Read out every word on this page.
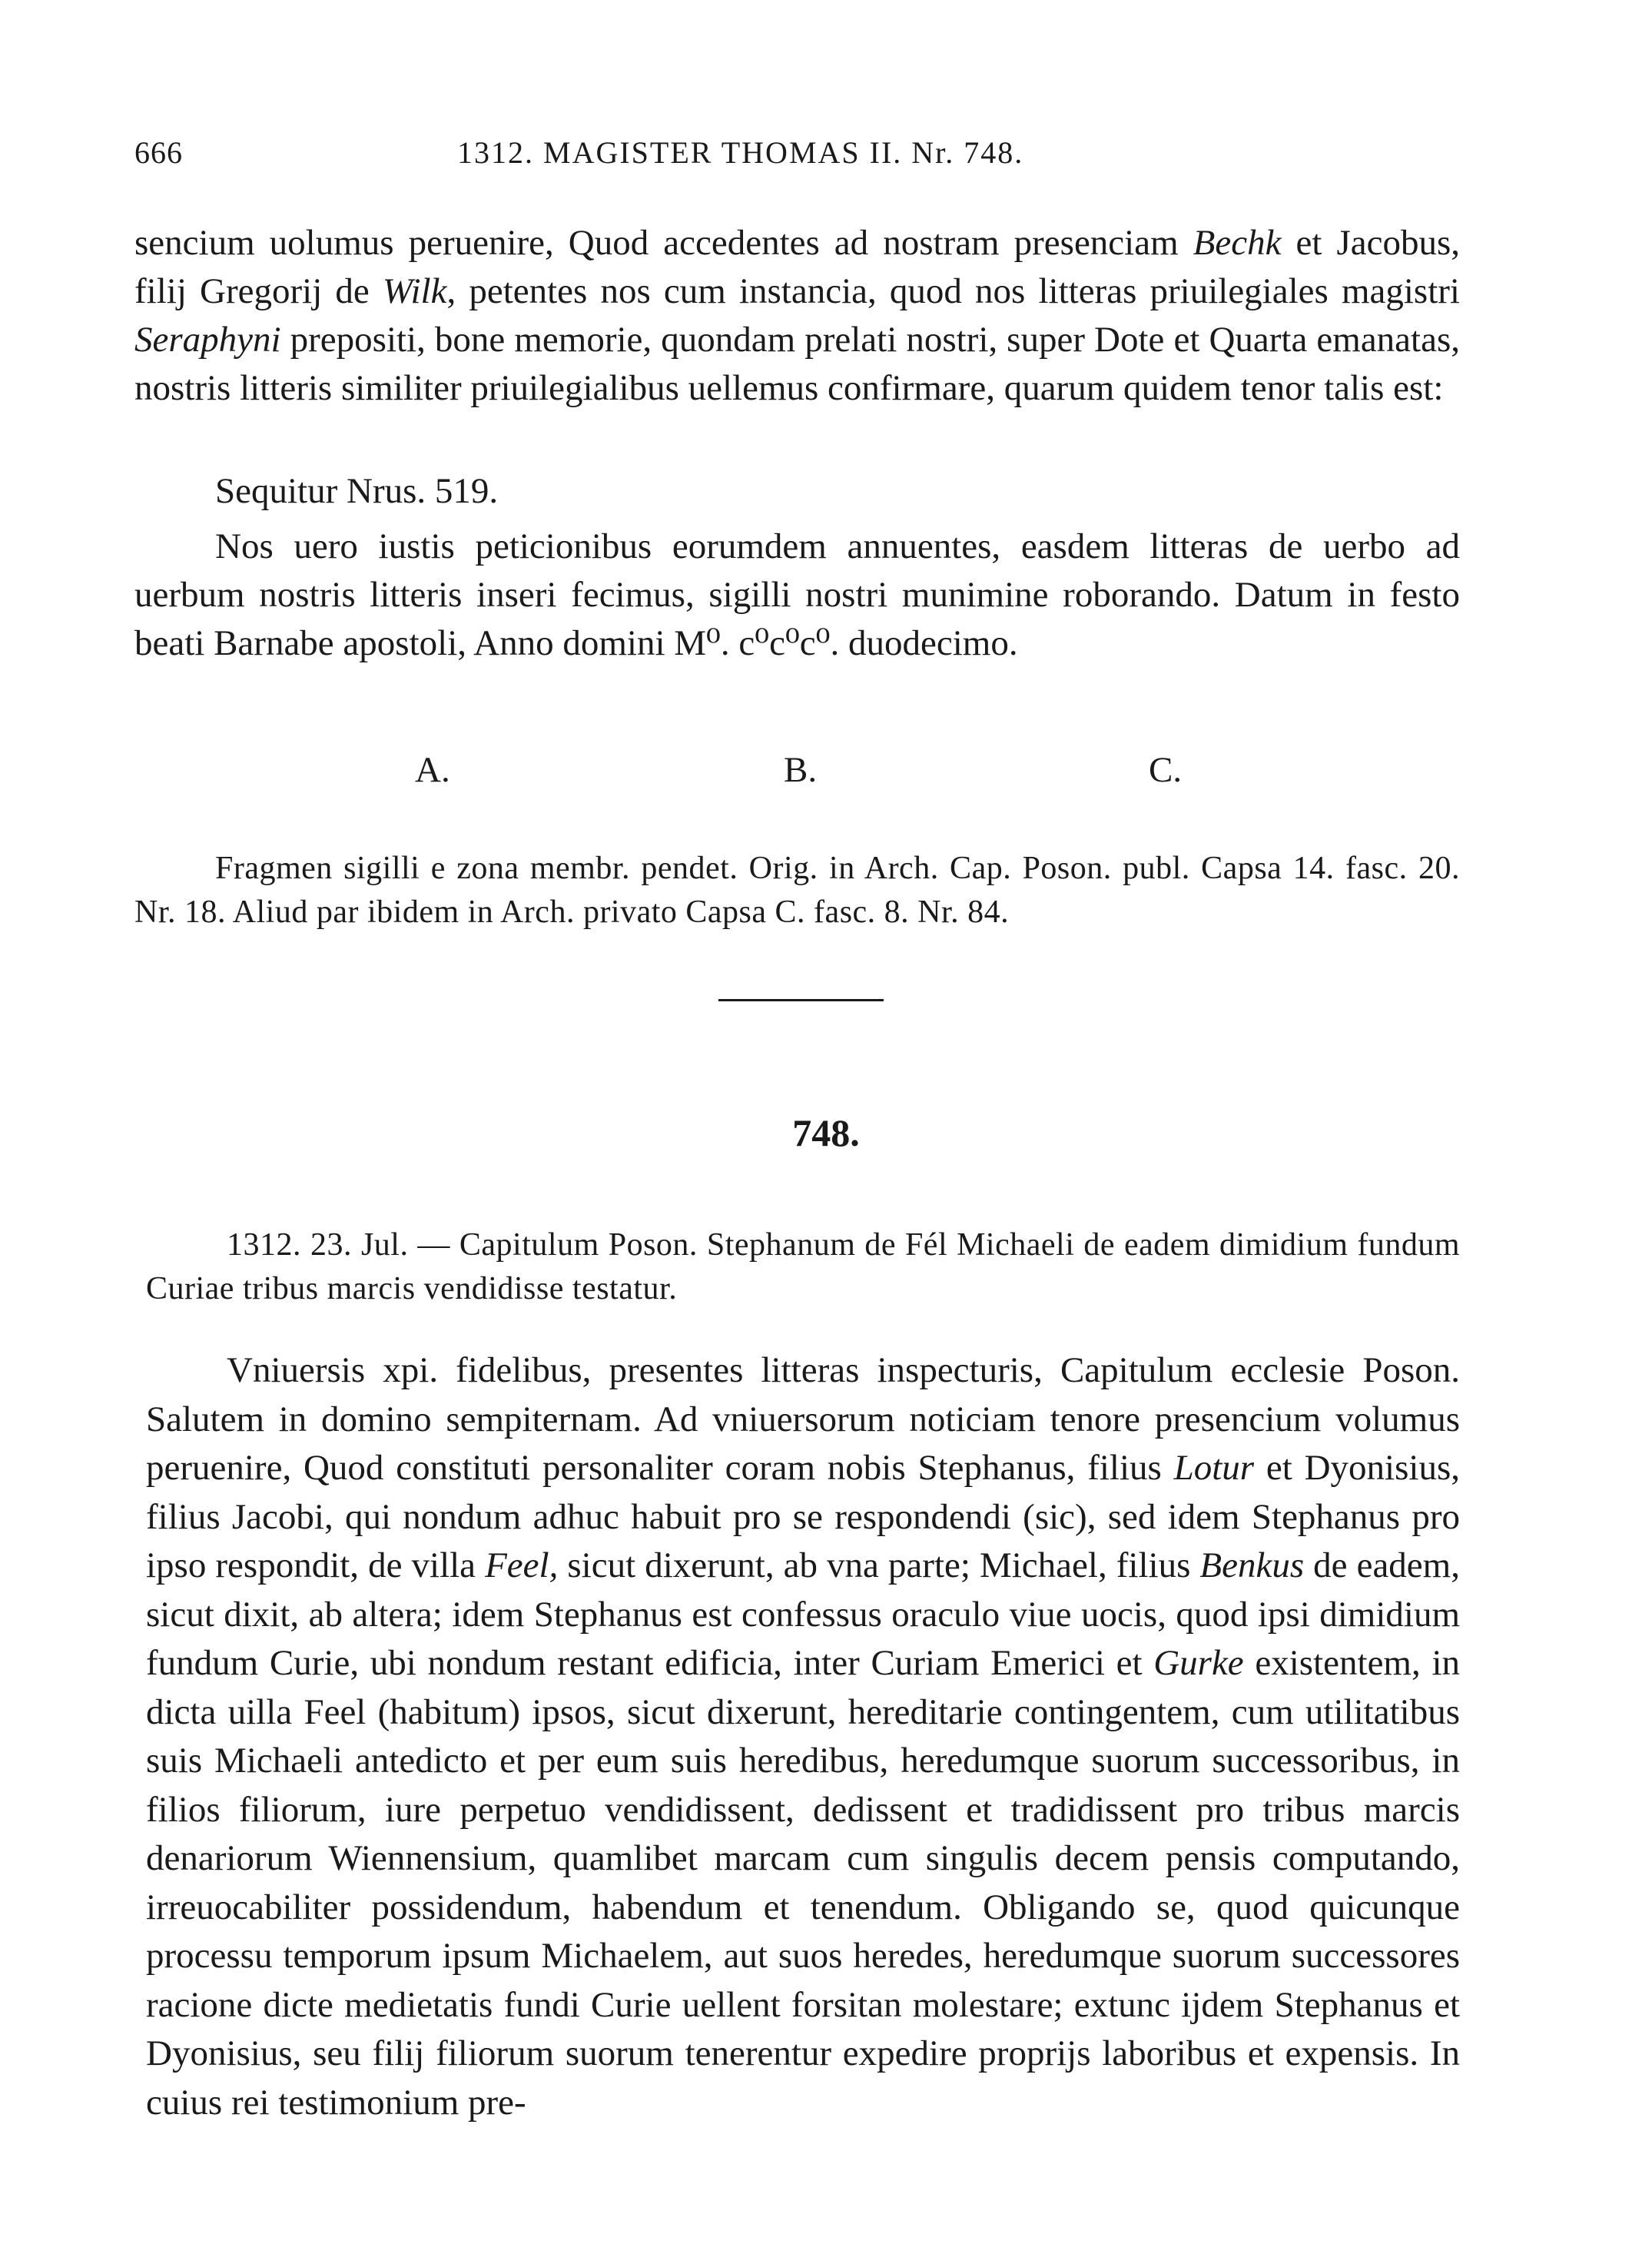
666	1312. MAGISTER THOMAS II. Nr. 748.

sencium uolumus peruenire, Quod accedentes ad nostram presenciam Bechk et Jacobus, filij Gregorij de Wilk, petentes nos cum instancia, quod nos litteras priuilegiales magistri Seraphyni prepositi, bone memorie, quondam prelati nostri, super Dote et Quarta emanatas, nostris litteris similiter priuilegialibus uellemus confirmare, quarum quidem tenor talis est:

Sequitur Nrus. 519.

Nos uero iustis peticionibus eorumdem annuentes, easdem litteras de uerbo ad uerbum nostris litteris inseri fecimus, sigilli nostri munimine roborando. Datum in festo beati Barnabe apostoli, Anno domini M⁰. c⁰c⁰c⁰. duodecimo.

A.	B.	C.

Fragmen sigilli e zona membr. pendet. Orig. in Arch. Cap. Poson. publ. Capsa 14. fasc. 20. Nr. 18. Aliud par ibidem in Arch. privato Capsa C. fasc. 8. Nr. 84.

748.

1312. 23. Jul. — Capitulum Poson. Stephanum de Fél Michaeli de eadem dimidium fundum Curiae tribus marcis vendidisse testatur.

Vniuersis xpi. fidelibus, presentes litteras inspecturis, Capitulum ecclesie Poson. Salutem in domino sempiternam. Ad vniuersorum noticiam tenore presencium volumus peruenire, Quod constituti personaliter coram nobis Stephanus, filius Lotur et Dyonisius, filius Jacobi, qui nondum adhuc habuit pro se respondendi (sic), sed idem Stephanus pro ipso respondit, de villa Feel, sicut dixerunt, ab vna parte; Michael, filius Benkus de eadem, sicut dixit, ab altera; idem Stephanus est confessus oraculo viue uocis, quod ipsi dimidium fundum Curie, ubi nondum restant edificia, inter Curiam Emerici et Gurke existentem, in dicta uilla Feel (habitum) ipsos, sicut dixerunt, hereditarie contingentem, cum utilitatibus suis Michaeli antedicto et per eum suis heredibus, heredumque suorum successoribus, in filios filiorum, iure perpetuo vendidissent, dedissent et tradidissent pro tribus marcis denariorum Wiennensium, quamlibet marcam cum singulis decem pensis computando, irreuocabiliter possidendum, habendum et tenendum. Obligando se, quod quicunque processu temporum ipsum Michaelem, aut suos heredes, heredumque suorum successores racione dicte medietatis fundi Curie uellent forsitan molestare; extunc ijdem Stephanus et Dyonisius, seu filij filiorum suorum tenerentur expedire proprijs laboribus et expensis. In cuius rei testimonium pre-
